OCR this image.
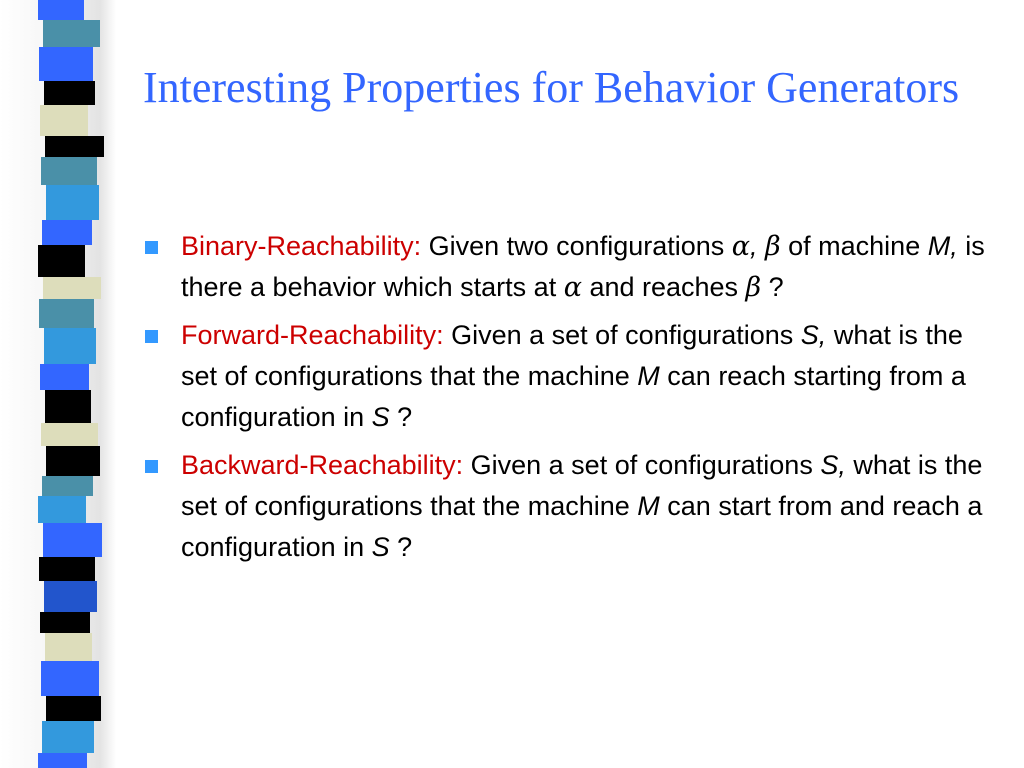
Interesting Properties for Behavior Generators
Binary-Reachability: Given two configurations α, β of machine M, is there a behavior which starts at α and reaches β ?
Forward-Reachability: Given a set of configurations S, what is the set of configurations that the machine M can reach starting from a configuration in S ?
Backward-Reachability: Given a set of configurations S, what is the set of configurations that the machine M can start from and reach a configuration in S ?
